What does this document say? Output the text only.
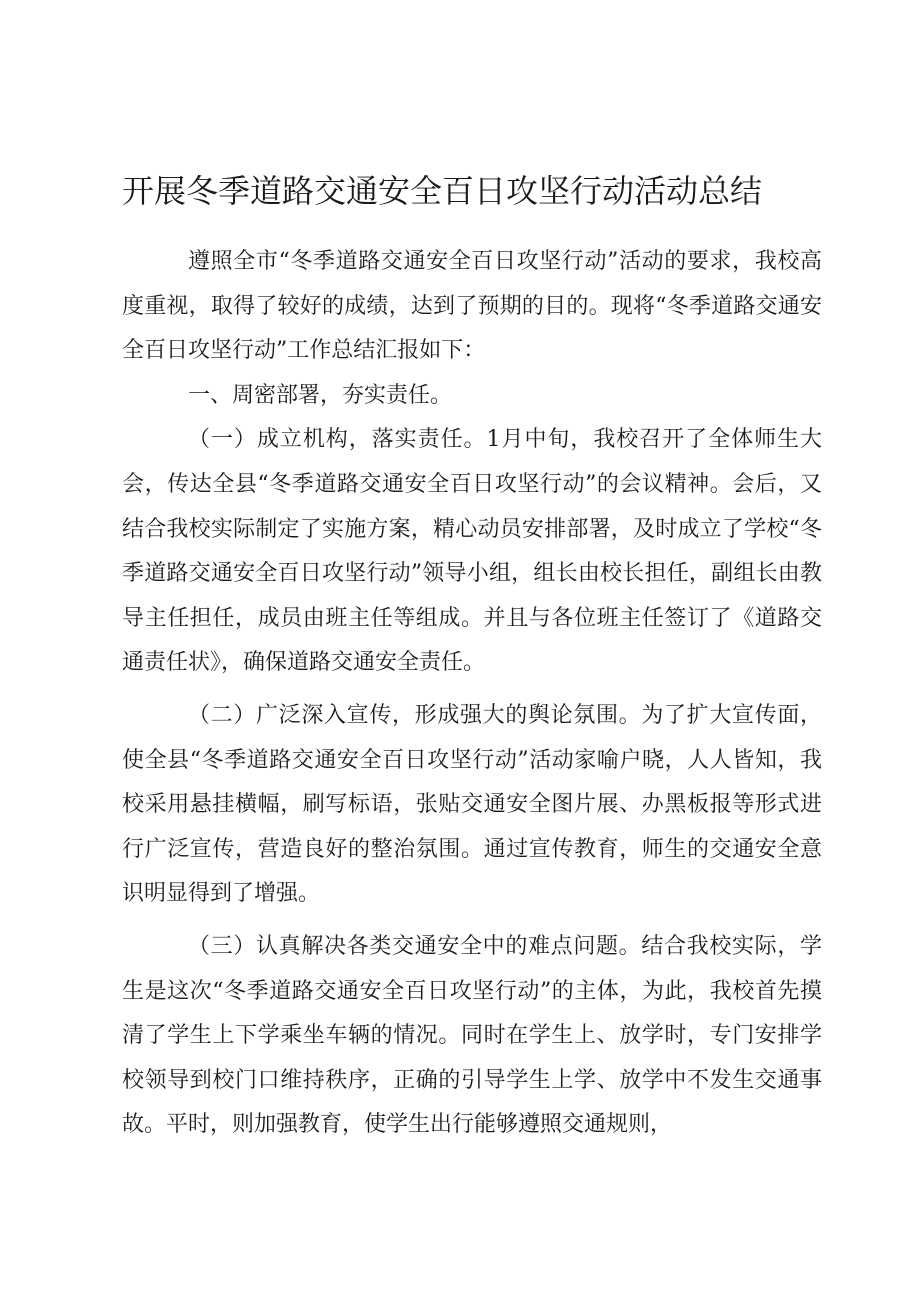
开展冬季道路交通安全百日攻坚行动活动总结

遵照全市“冬季道路交通安全百日攻坚行动”活动的要求，我校高度重视，取得了较好的成绩，达到了预期的目的。现将“冬季道路交通安全百日攻坚行动”工作总结汇报如下：

一、周密部署，夯实责任。

（一）成立机构，落实责任。1月中旬，我校召开了全体师生大会，传达全县“冬季道路交通安全百日攻坚行动”的会议精神。会后，又结合我校实际制定了实施方案，精心动员安排部署，及时成立了学校“冬季道路交通安全百日攻坚行动”领导小组，组长由校长担任，副组长由教导主任担任，成员由班主任等组成。并且与各位班主任签订了《道路交通责任状》，确保道路交通安全责任。

（二）广泛深入宣传，形成强大的舆论氛围。为了扩大宣传面，使全县“冬季道路交通安全百日攻坚行动”活动家喻户晓，人人皆知，我校采用悬挂横幅，刷写标语，张贴交通安全图片展、办黑板报等形式进行广泛宣传，营造良好的整治氛围。通过宣传教育，师生的交通安全意识明显得到了增强。

（三）认真解决各类交通安全中的难点问题。结合我校实际，学生是这次“冬季道路交通安全百日攻坚行动”的主体，为此，我校首先摸清了学生上下学乘坐车辆的情况。同时在学生上、放学时，专门安排学校领导到校门口维持秩序，正确的引导学生上学、放学中不发生交通事故。平时，则加强教育，使学生出行能够遵照交通规则，
